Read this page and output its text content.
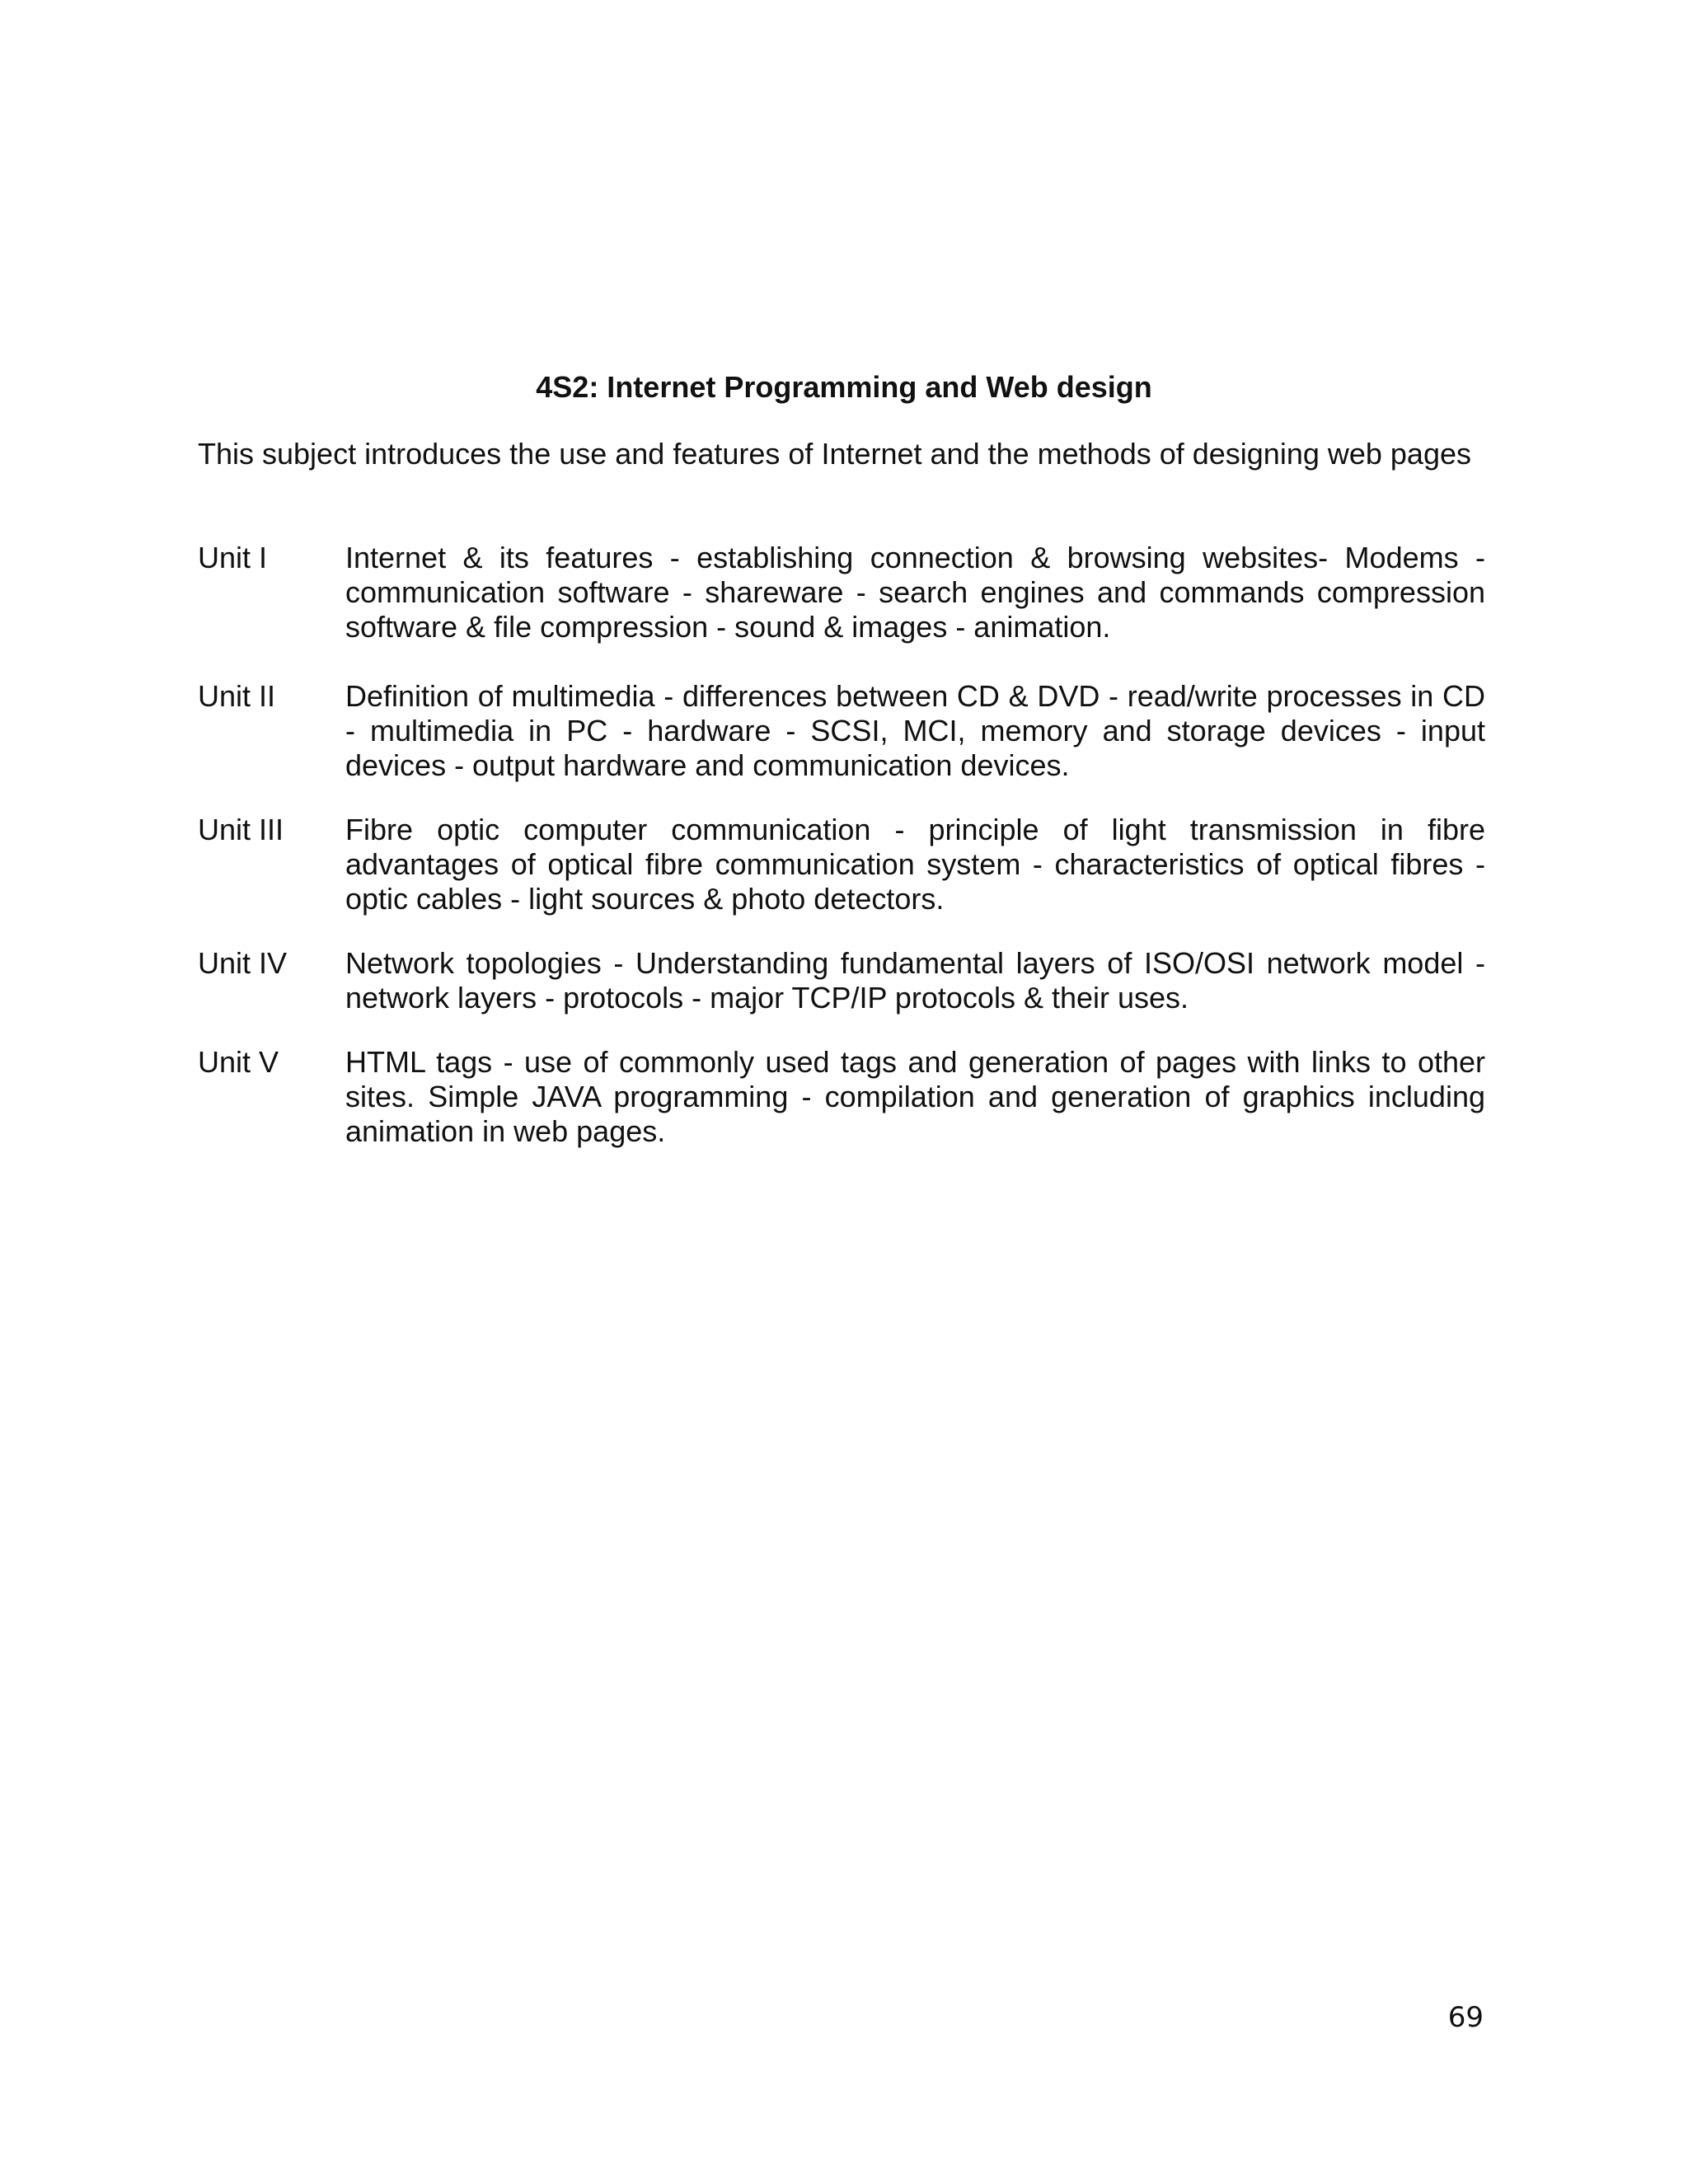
4S2: Internet Programming and Web design

This subject introduces the use and features of Internet and the methods of designing web pages

Unit I	Internet & its features - establishing connection & browsing websites- Modems - communication software - shareware - search engines and commands compression software & file compression - sound & images - animation.
Unit II	Definition of multimedia - differences between CD & DVD - read/write processes in CD - multimedia in PC - hardware - SCSI, MCI, memory and storage devices - input devices - output hardware and communication devices.
Unit III	Fibre optic computer communication - principle of light transmission in fibre advantages of optical fibre communication system - characteristics of optical fibres - optic cables - light sources & photo detectors.
Unit IV	Network topologies - Understanding fundamental layers of ISO/OSI network model - network layers - protocols - major TCP/IP protocols & their uses.
Unit V	HTML tags - use of commonly used tags and generation of pages with links to other sites. Simple JAVA programming - compilation and generation of graphics including animation in web pages.
69
